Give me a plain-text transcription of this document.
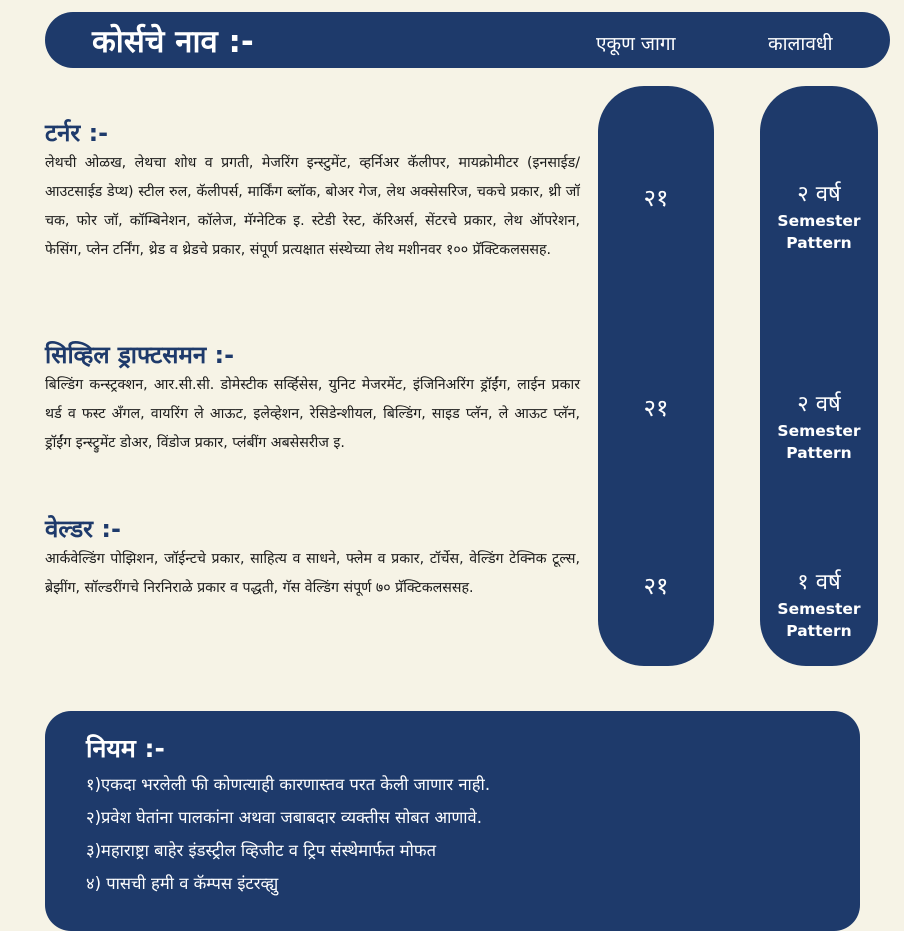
कोर्सचे नाव :-	एकूण जागा	कालावधी
टर्नर :-
लेथची ओळख, लेथचा शोध व प्रगती, मेजरिंग इन्स्टुमेंट, व्हर्निअर कॅलीपर, मायक्रोमीटर (इनसाईड/आउटसाईड डेप्थ) स्टील रुल, कॅलीपर्स, मार्किंग ब्लॉक, बोअर गेज, लेथ अक्सेसरिज, चकचे प्रकार, थ्री जॉ चक, फोर जॉ, कॉम्बिनेशन, कॉलेज, मॅग्नेटिक इ. स्टेडी रेस्ट, कॅरिअर्स, सेंटरचे प्रकार, लेथ ऑपरेशन, फेसिंग, प्लेन टर्निंग, थ्रेड व थ्रेडचे प्रकार, संपूर्ण प्रत्यक्षात संस्थेच्या लेथ मशीनवर १०० प्रॅक्टिकलससह.
२१	२ वर्ष
Semester Pattern
सिव्हिल ड्राफ्टसमन :-
बिल्डिंग कन्स्ट्रक्शन, आर.सी.सी. डोमेस्टीक सर्व्हिसेस, युनिट मेजरमेंट, इंजिनिअरिंग ड्रॉईंग, लाईन प्रकार थर्ड व फस्ट अँगल, वायरिंग ले आऊट, इलेव्हेशन, रेसिडेन्शीयल, बिल्डिंग, साइड प्लॅन, ले आऊट प्लॅन, ड्रॉईंग इन्स्ट्रुमेंट डोअर, विंडोज प्रकार, प्लंबींग अबसेसरीज इ.
२१	२ वर्ष
Semester Pattern
वेल्डर :-
आर्कवेल्डिंग पोझिशन, जॉईन्टचे प्रकार, साहित्य व साधने, फ्लेम व प्रकार, टॉर्चेस, वेल्डिंग टेक्निक टूल्स, ब्रेझींग, सॉल्डरींगचे निरनिराळे प्रकार व पद्धती, गॅस वेल्डिंग संपूर्ण ७० प्रॅक्टिकलससह.	२१	१ वर्ष
Semester Pattern
नियम :-
१)एकदा भरलेली फी कोणत्याही कारणास्तव परत केली जाणार नाही.
२)प्रवेश घेतांना पालकांना अथवा जबाबदार व्यक्तीस सोबत आणावे.
३)महाराष्ट्रा बाहेर इंडस्ट्रील व्हिजीट व ट्रिप संस्थेमार्फत मोफत
४) पासची हमी व कॅम्पस इंटरव्ह्यु
